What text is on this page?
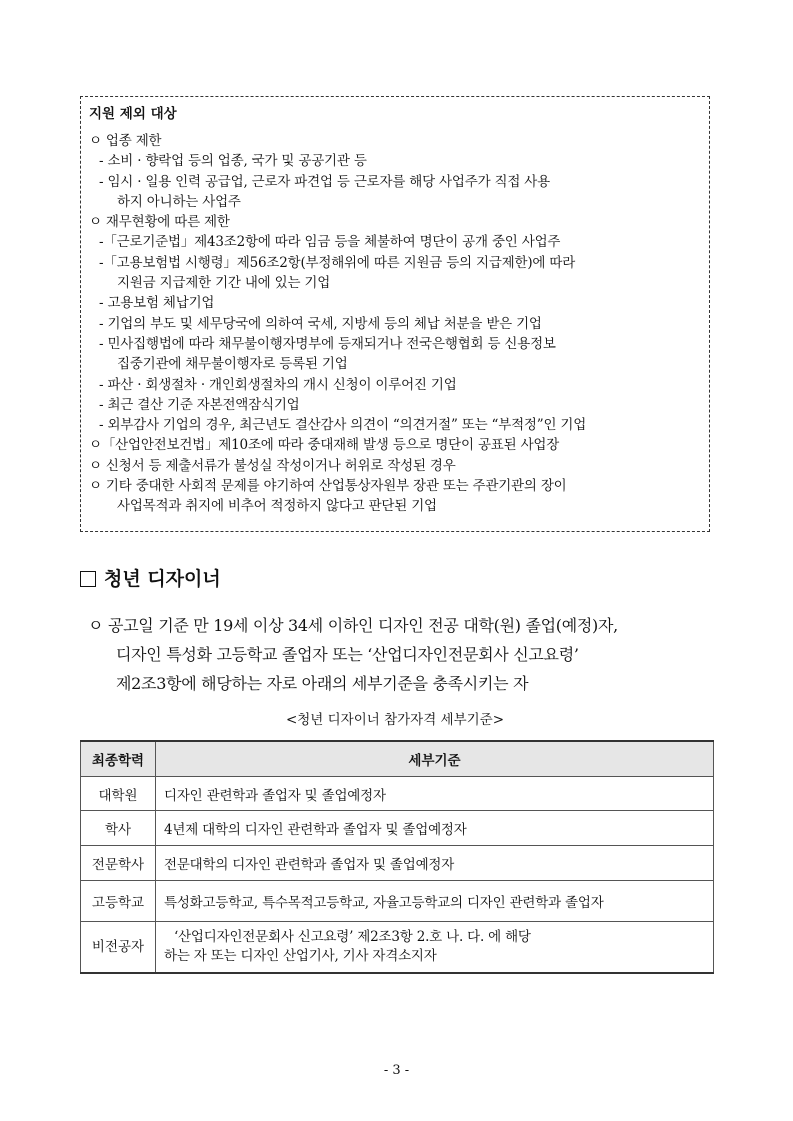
지원 제외 대상

ㅇ 업종 제한

- 소비 · 향락업 등의 업종, 국가 및 공공기관 등

- 임시 · 일용 인력 공급업, 근로자 파견업 등 근로자를 해당 사업주가 직접 사용

하지 아니하는 사업주

ㅇ 재무현황에 따른 제한

-「근로기준법」제43조2항에 따라 임금 등을 체불하여 명단이 공개 중인 사업주

-「고용보험법 시행령」제56조2항(부정해위에 따른 지원금 등의 지급제한)에 따라

지원금 지급제한 기간 내에 있는 기업

- 고용보험 체납기업

- 기업의 부도 및 세무당국에 의하여 국세, 지방세 등의 체납 처분을 받은 기업

- 민사집행법에 따라 채무불이행자명부에 등재되거나 전국은행협회 등 신용정보

집중기관에 채무불이행자로 등록된 기업

- 파산 · 회생절차 · 개인회생절차의 개시 신청이 이루어진 기업

- 최근 결산 기준 자본전액잠식기업

- 외부감사 기업의 경우, 최근년도 결산감사 의견이 “의견거절” 또는 “부적정”인 기업

ㅇ「산업안전보건법」제10조에 따라 중대재해 발생 등으로 명단이 공표된 사업장

ㅇ 신청서 등 제출서류가 불성실 작성이거나 허위로 작성된 경우

ㅇ 기타 중대한 사회적 문제를 야기하여 산업통상자원부 장관 또는 주관기관의 장이

사업목적과 취지에 비추어 적정하지 않다고 판단된 기업

청년 디자이너

ㅇ 공고일 기준 만 19세 이상 34세 이하인 디자인 전공 대학(원) 졸업(예정)자,

디자인 특성화 고등학교 졸업자 또는 ‘산업디자인전문회사 신고요령’

제2조3항에 해당하는 자로 아래의 세부기준을 충족시키는 자

<청년 디자이너 참가자격 세부기준>

최종학력	세부기준
대학원	디자인 관련학과 졸업자 및 졸업예정자
학사	4년제 대학의 디자인 관련학과 졸업자 및 졸업예정자
전문학사	전문대학의 디자인 관련학과 졸업자 및 졸업예정자
고등학교	특성화고등학교, 특수목적고등학교, 자율고등학교의 디자인 관련학과 졸업자
비전공자	‘산업디자인전문회사 신고요령’ 제2조3항 2.호 나. 다. 에 해당
하는 자 또는 디자인 산업기사, 기사 자격소지자

- 3 -
